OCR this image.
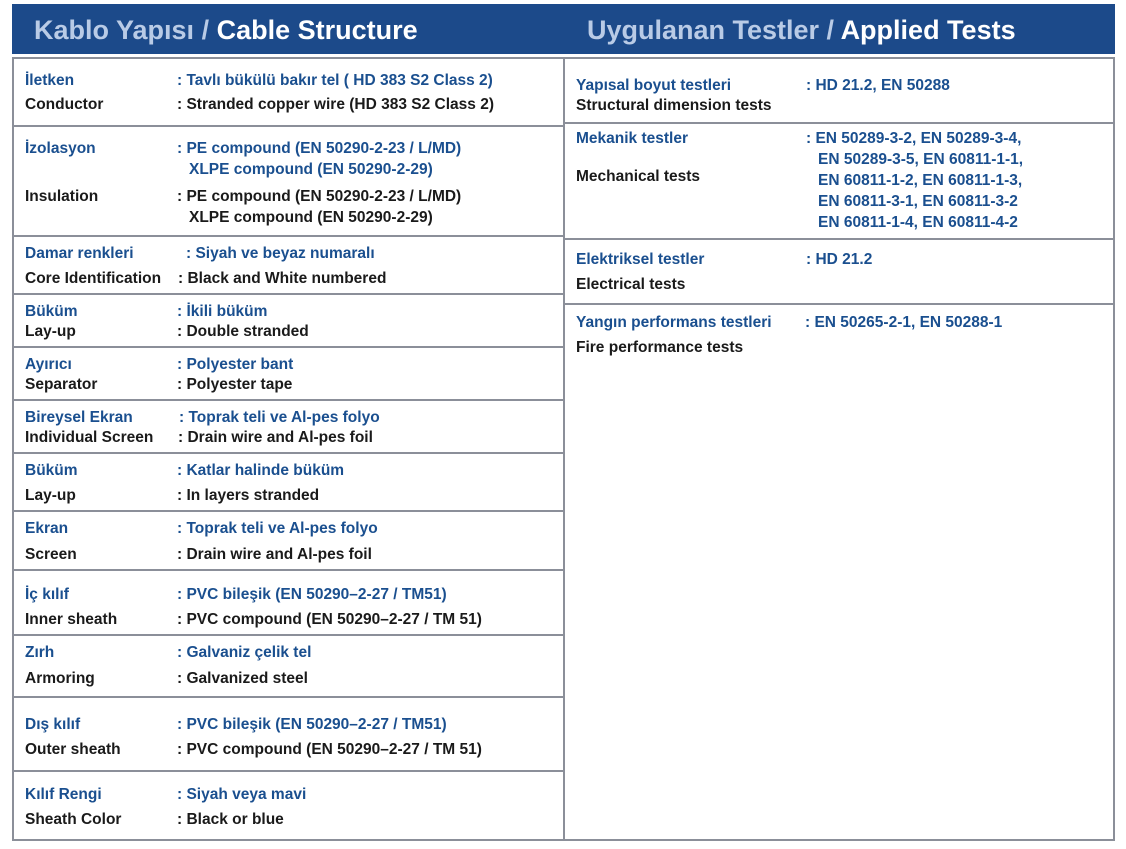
Kablo Yapısı / Cable Structure	Uygulanan Testler / Applied Tests
İletken	: Tavlı bükülü bakır tel ( HD 383 S2 Class 2)
Conductor	: Stranded copper wire (HD 383 S2 Class 2)
İzolasyon	: PE compound (EN 50290-2-23 / L/MD)
XLPE compound (EN 50290-2-29)
Insulation	: PE compound (EN 50290-2-23 / L/MD)
XLPE compound (EN 50290-2-29)
Damar renkleri	: Siyah ve beyaz numaralı
Core Identification : Black and White numbered
Büküm	: İkili büküm
Lay-up	: Double stranded
Ayırıcı	: Polyester bant
Separator	: Polyester tape
Bireysel Ekran	: Toprak teli ve Al-pes folyo
Individual Screen : Drain wire and Al-pes foil
Büküm	: Katlar halinde büküm
Lay-up	: In layers stranded
Ekran	: Toprak teli ve Al-pes folyo
Screen	: Drain wire and Al-pes foil
İç kılıf	: PVC bileşik (EN 50290–2-27 / TM51)
Inner sheath	: PVC compound (EN 50290–2-27 / TM 51)
Zırh	: Galvaniz çelik tel
Armoring	: Galvanized steel
Dış kılıf	: PVC bileşik (EN 50290–2-27 / TM51)
Outer sheath	: PVC compound (EN 50290–2-27 / TM 51)
Kılıf Rengi	: Siyah veya mavi
Sheath Color	: Black or blue
Yapısal boyut testleri	: HD 21.2, EN 50288
Structural dimension tests
Mekanik testler	: EN 50289-3-2, EN 50289-3-4,
EN 50289-3-5, EN 60811-1-1,
EN 60811-1-2, EN 60811-1-3,
EN 60811-3-1, EN 60811-3-2
EN 60811-1-4, EN 60811-4-2
Mechanical tests
Elektriksel testler	: HD 21.2
Electrical tests
Yangın performans testleri : EN 50265-2-1, EN 50288-1
Fire performance tests
